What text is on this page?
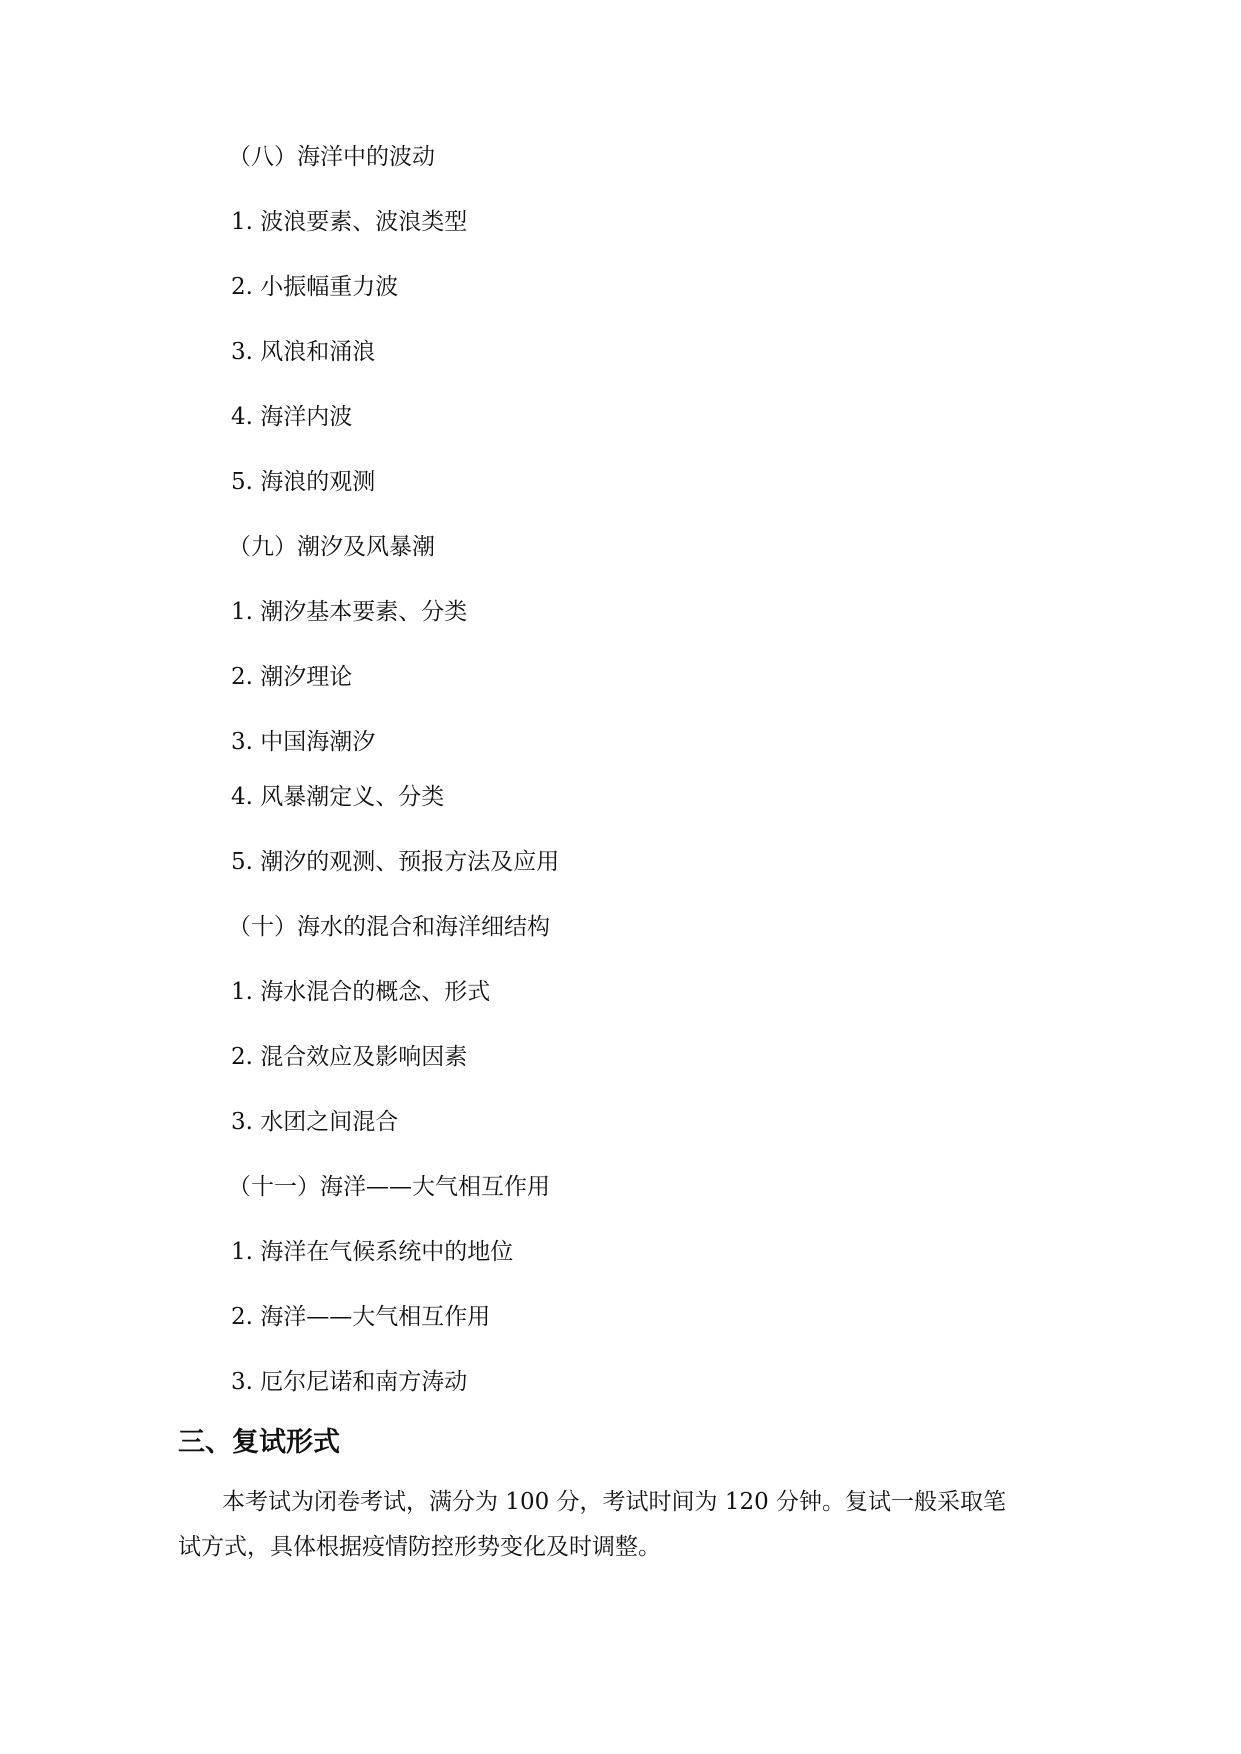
（八）海洋中的波动
1. 波浪要素、波浪类型
2. 小振幅重力波
3. 风浪和涌浪
4. 海洋内波
5. 海浪的观测
（九）潮汐及风暴潮
1. 潮汐基本要素、分类
2. 潮汐理论
3. 中国海潮汐
4. 风暴潮定义、分类
5. 潮汐的观测、预报方法及应用
（十）海水的混合和海洋细结构
1. 海水混合的概念、形式
2. 混合效应及影响因素
3. 水团之间混合
（十一）海洋——大气相互作用
1. 海洋在气候系统中的地位
2. 海洋——大气相互作用
3. 厄尔尼诺和南方涛动
三、复试形式
本考试为闭卷考试，满分为 100 分，考试时间为 120 分钟。复试一般采取笔
试方式，具体根据疫情防控形势变化及时调整。
